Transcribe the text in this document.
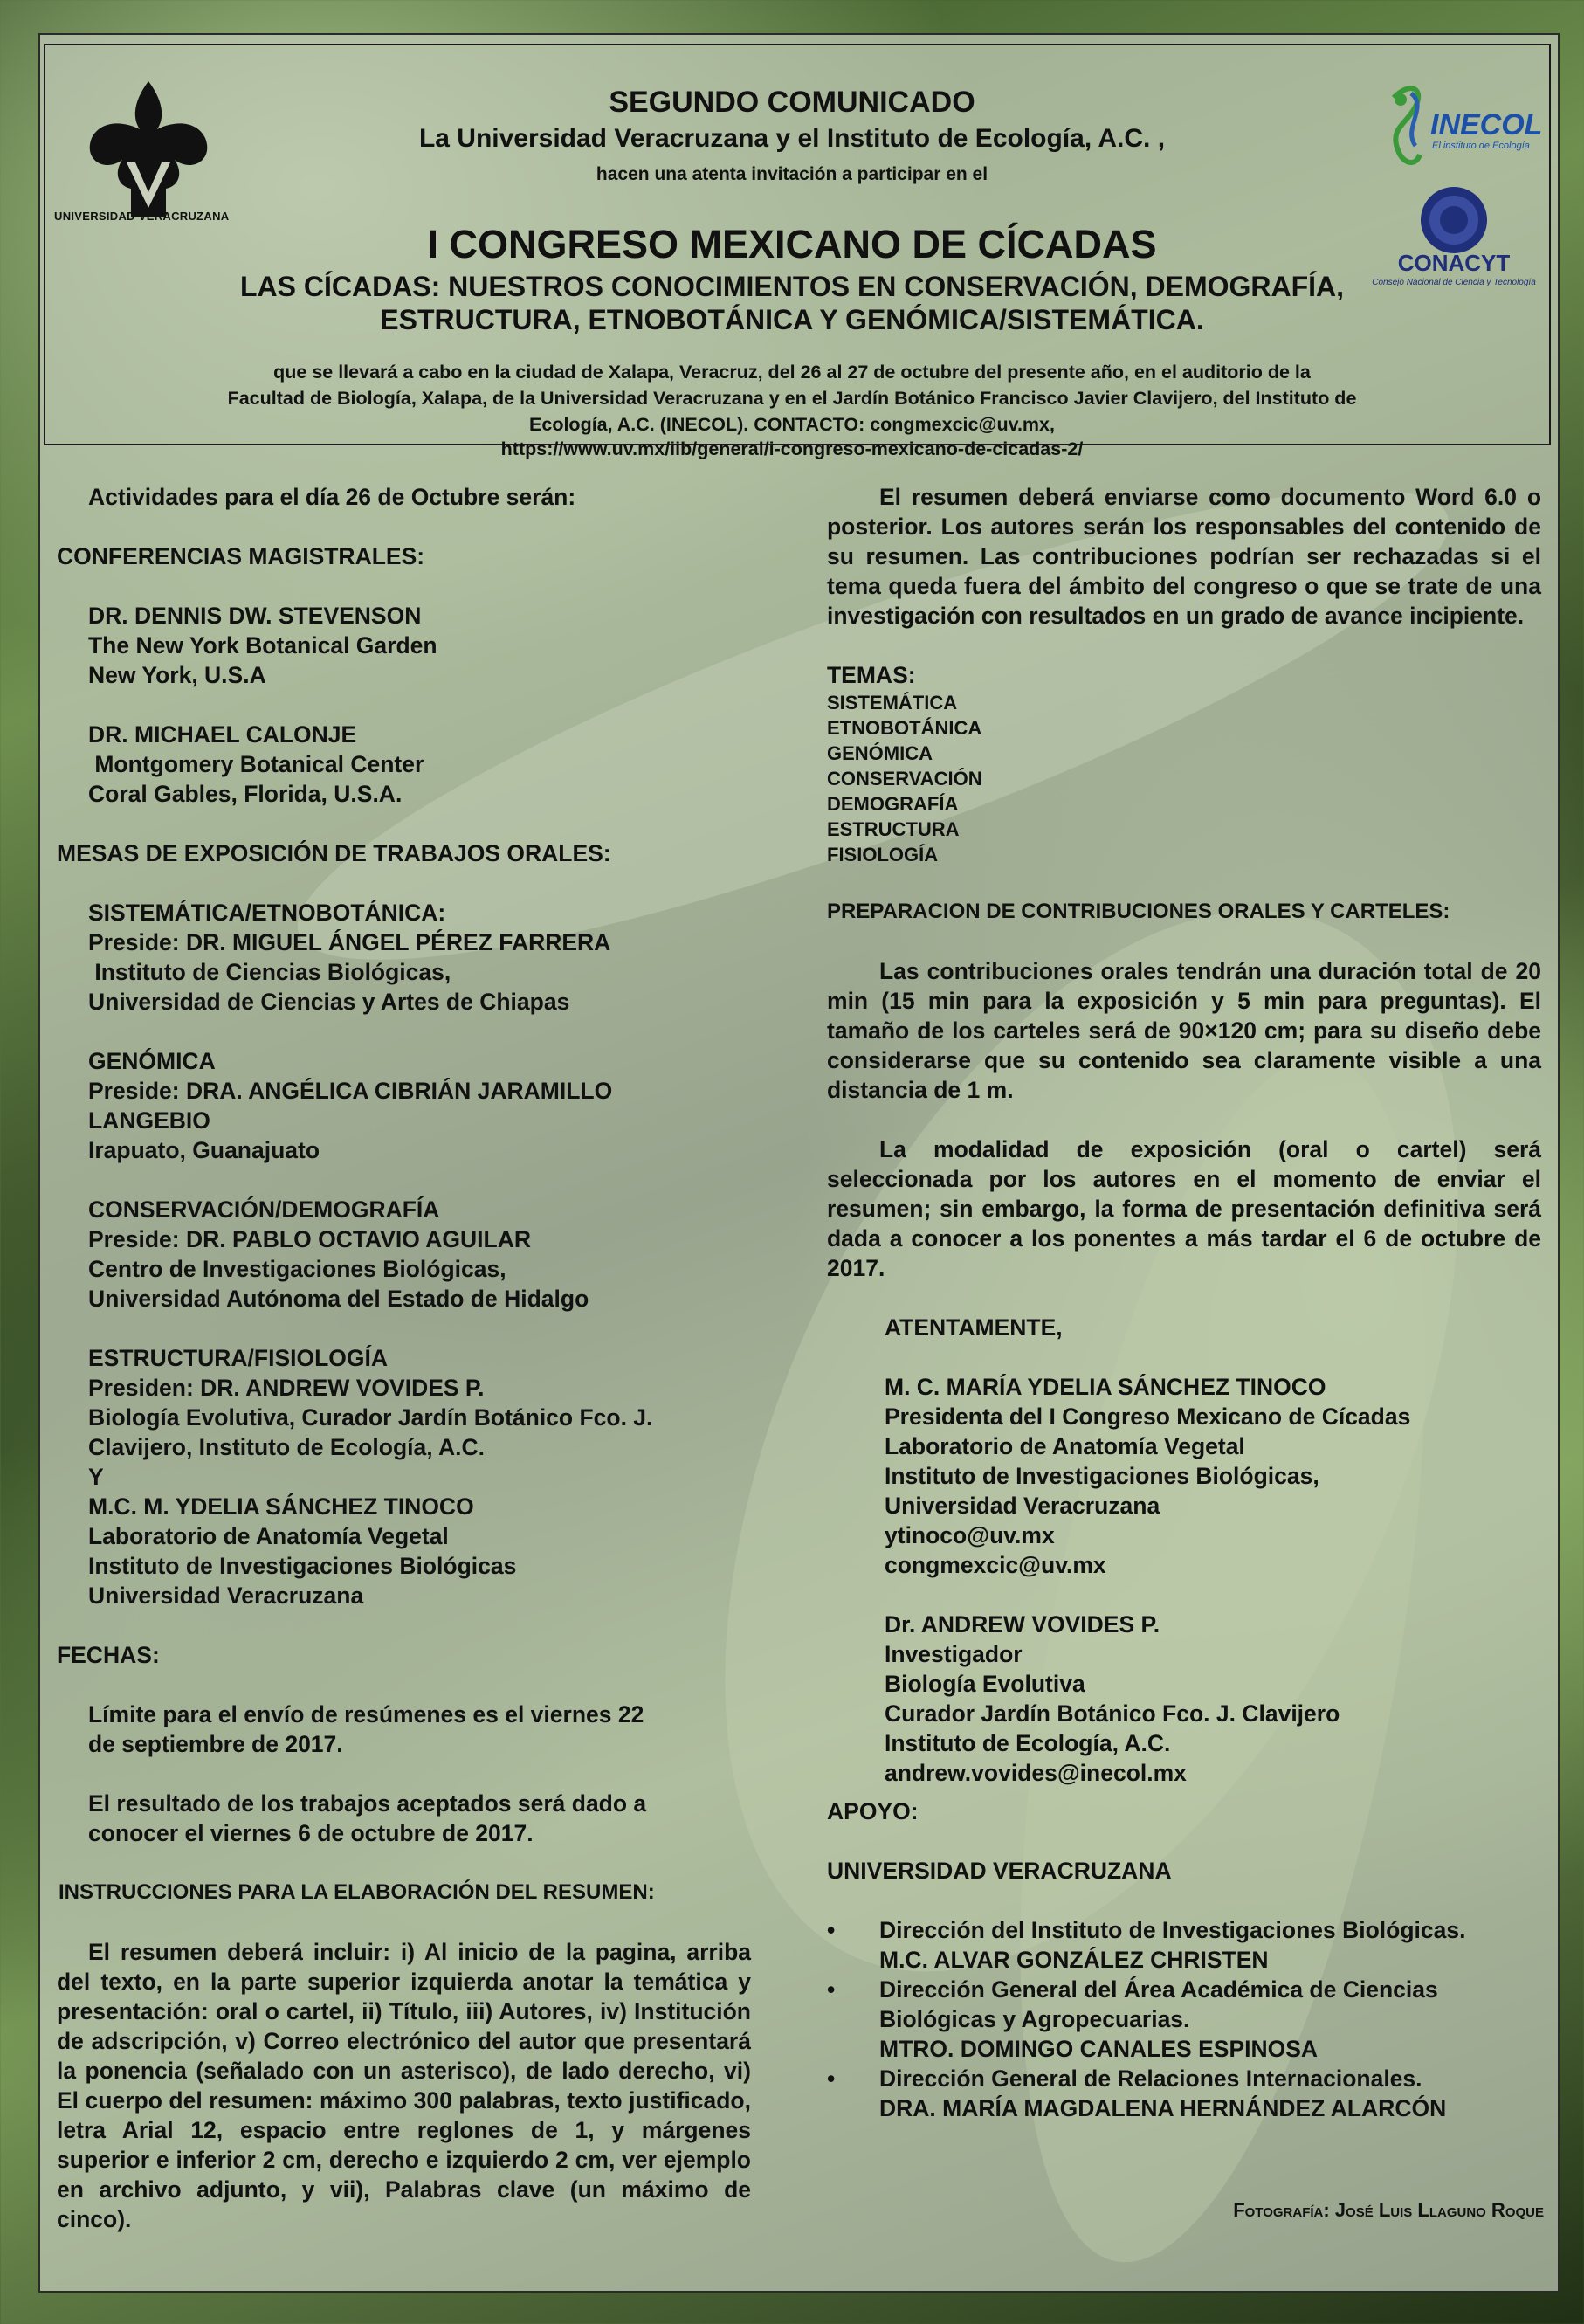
UNIVERSIDAD VERACRUZANA
INECOL
El instituto de Ecología
CONACYT
Consejo Nacional de Ciencia y Tecnología
SEGUNDO COMUNICADO
La Universidad Veracruzana y el Instituto de Ecología, A.C. ,
hacen una atenta invitación a participar en el
I CONGRESO MEXICANO DE CÍCADAS
LAS CÍCADAS: NUESTROS CONOCIMIENTOS EN CONSERVACIÓN, DEMOGRAFÍA,
ESTRUCTURA, ETNOBOTÁNICA Y GENÓMICA/SISTEMÁTICA.
que se llevará a cabo en la ciudad de Xalapa, Veracruz, del 26 al 27 de octubre del presente año, en el auditorio de la
Facultad de Biología, Xalapa, de la Universidad Veracruzana y en el Jardín Botánico Francisco Javier Clavijero, del Instituto de
Ecología, A.C. (INECOL). CONTACTO: congmexcic@uv.mx,
https://www.uv.mx/iib/general/i-congreso-mexicano-de-cicadas-2/

Actividades para el día 26 de Octubre serán:

CONFERENCIAS MAGISTRALES:

DR. DENNIS DW. STEVENSON

The New York Botanical Garden

New York, U.S.A

DR. MICHAEL CALONJE

Montgomery Botanical Center

Coral Gables, Florida, U.S.A.

MESAS DE EXPOSICIÓN DE TRABAJOS ORALES:

SISTEMÁTICA/ETNOBOTÁNICA:

Preside: DR. MIGUEL ÁNGEL PÉREZ FARRERA

Instituto de Ciencias Biológicas,

Universidad de Ciencias y Artes de Chiapas

GENÓMICA

Preside: DRA. ANGÉLICA CIBRIÁN JARAMILLO

LANGEBIO

Irapuato, Guanajuato

CONSERVACIÓN/DEMOGRAFÍA

Preside: DR. PABLO OCTAVIO AGUILAR

Centro de Investigaciones Biológicas,

Universidad Autónoma del Estado de Hidalgo

ESTRUCTURA/FISIOLOGÍA

Presiden: DR. ANDREW VOVIDES P.

Biología Evolutiva, Curador Jardín Botánico Fco. J.

Clavijero, Instituto de Ecología, A.C.

Y

M.C. M. YDELIA SÁNCHEZ TINOCO

Laboratorio de Anatomía Vegetal

Instituto de Investigaciones Biológicas

Universidad Veracruzana

FECHAS:

Límite para el envío de resúmenes es el viernes 22

de septiembre de 2017.

El resultado de los trabajos aceptados será dado a

conocer el viernes 6 de octubre de 2017.

INSTRUCCIONES PARA LA ELABORACIÓN DEL RESUMEN:

El resumen deberá incluir: i) Al inicio de la pagina, arriba del texto, en la parte superior izquierda anotar la temática y presentación: oral o cartel, ii) Título, iii) Autores, iv) Institución de adscripción, v) Correo electrónico del autor que presentará la ponencia (señalado con un asterisco), de lado derecho, vi) El cuerpo del resumen: máximo 300 palabras, texto justificado, letra Arial 12, espacio entre reglones de 1, y márgenes superior e inferior 2 cm, derecho e izquierdo 2 cm, ver ejemplo en archivo adjunto, y vii), Palabras clave (un máximo de cinco).

El resumen deberá enviarse como documento Word 6.0 o posterior. Los autores serán los responsables del contenido de su resumen. Las contribuciones podrían ser rechazadas si el tema queda fuera del ámbito del congreso o que se trate de una investigación con resultados en un grado de avance incipiente.

TEMAS:

SISTEMÁTICA

ETNOBOTÁNICA

GENÓMICA

CONSERVACIÓN

DEMOGRAFÍA

ESTRUCTURA

FISIOLOGÍA

PREPARACION DE CONTRIBUCIONES ORALES Y CARTELES:

Las contribuciones orales tendrán una duración total de 20 min (15 min para la exposición y 5 min para preguntas). El tamaño de los carteles será de 90×120 cm; para su diseño debe considerarse que su contenido sea claramente visible a una distancia de 1 m.

La modalidad de exposición (oral o cartel) será seleccionada por los autores en el momento de enviar el resumen; sin embargo, la forma de presentación definitiva será dada a conocer a los ponentes a más tardar el 6 de octubre de 2017.

ATENTAMENTE,

M. C. MARÍA YDELIA SÁNCHEZ TINOCO

Presidenta del I Congreso Mexicano de Cícadas

Laboratorio de Anatomía Vegetal

Instituto de Investigaciones Biológicas,

Universidad Veracruzana

ytinoco@uv.mx

congmexcic@uv.mx

Dr. ANDREW VOVIDES P.

Investigador

Biología Evolutiva

Curador Jardín Botánico Fco. J. Clavijero

Instituto de Ecología, A.C.

andrew.vovides@inecol.mx

APOYO:

UNIVERSIDAD VERACRUZANA

• Dirección del Instituto de Investigaciones Biológicas.

M.C. ALVAR GONZÁLEZ CHRISTEN

• Dirección General del Área Académica de Ciencias

Biológicas y Agropecuarias.

MTRO. DOMINGO CANALES ESPINOSA

• Dirección General de Relaciones Internacionales.

DRA. MARÍA MAGDALENA HERNÁNDEZ ALARCÓN

Fotografía: José Luis Llaguno Roque
